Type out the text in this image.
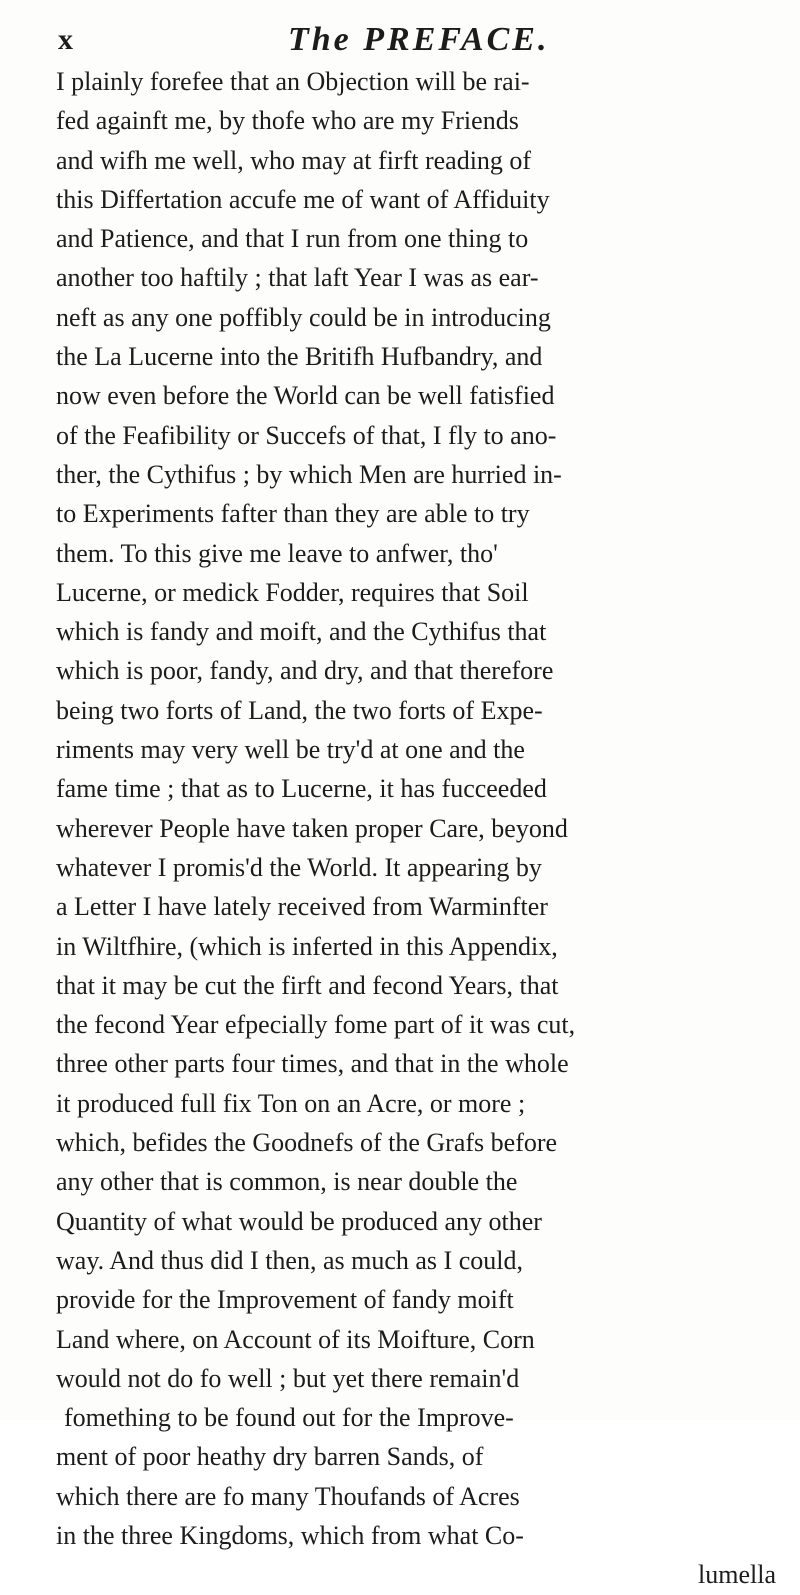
x	The PREFACE.
I plainly forefee that an Objection will be rai-
fed againft me, by thofe who are my Friends
and wifh me well, who may at firft reading of
this Differtation accufe me of want of Affiduity
and Patience, and that I run from one thing to
another too haftily ; that laft Year I was as ear-
neft as any one poffibly could be in introducing
the La Lucerne into the Britifh Hufbandry, and
now even before the World can be well fatisfied
of the Feafibility or Succefs of that, I fly to ano-
ther, the Cythifus ; by which Men are hurried in-
to Experiments fafter than they are able to try
them. To this give me leave to anfwer, tho'
Lucerne, or medick Fodder, requires that Soil
which is fandy and moift, and the Cythifus that
which is poor, fandy, and dry, and that therefore
being two forts of Land, the two forts of Expe-
riments may very well be try'd at one and the
fame time ; that as to Lucerne, it has fucceeded
wherever People have taken proper Care, beyond
whatever I promis'd the World. It appearing by
a Letter I have lately received from Warminfter
in Wiltfhire, (which is inferted in this Appendix,
that it may be cut the firft and fecond Years, that
the fecond Year efpecially fome part of it was cut,
three other parts four times, and that in the whole
it produced full fix Ton on an Acre, or more ;
which, befides the Goodnefs of the Grafs before
any other that is common, is near double the
Quantity of what would be produced any other
way. And thus did I then, as much as I could,
provide for the Improvement of fandy moift
Land where, on Account of its Moifture, Corn
would not do fo well ; but yet there remain'd
fomething to be found out for the Improve-
ment of poor heathy dry barren Sands, of
which there are fo many Thoufands of Acres
in the three Kingdoms, which from what Co-
lumella
